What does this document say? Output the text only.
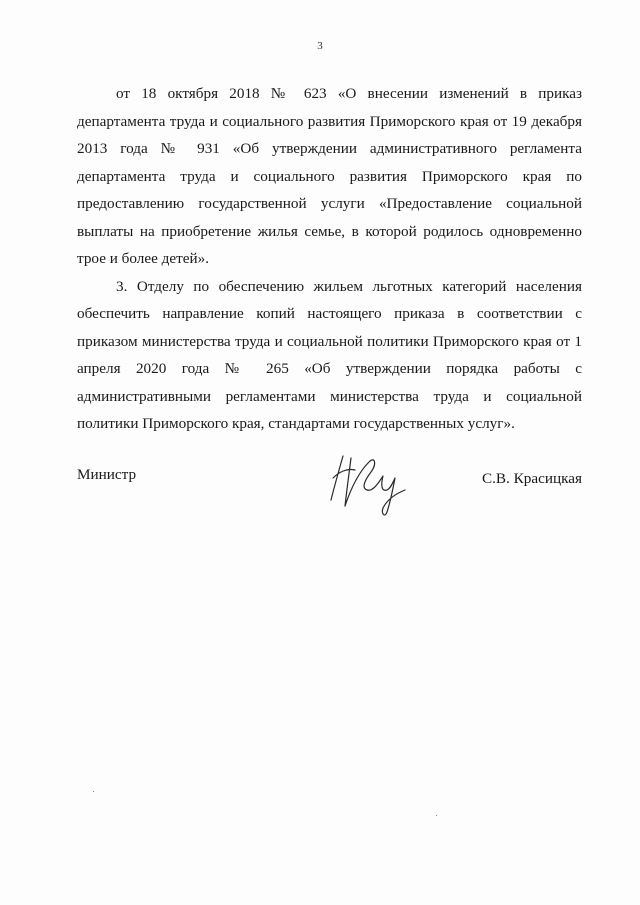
3

от 18 октября 2018 № 623 «О внесении изменений в приказ департамента труда и социального развития Приморского края от 19 декабря 2013 года № 931 «Об утверждении административного регламента департамента труда и социального развития Приморского края по предоставлению государственной услуги «Предоставление социальной выплаты на приобретение жилья семье, в которой родилось одновременно трое и более детей».

3. Отделу по обеспечению жильем льготных категорий населения обеспечить направление копий настоящего приказа в соответствии с приказом министерства труда и социальной политики Приморского края от 1 апреля 2020 года № 265 «Об утверждении порядка работы с административными регламентами министерства труда и социальной политики Приморского края, стандартами государственных услуг».

Министр	С.В. Красицкая
